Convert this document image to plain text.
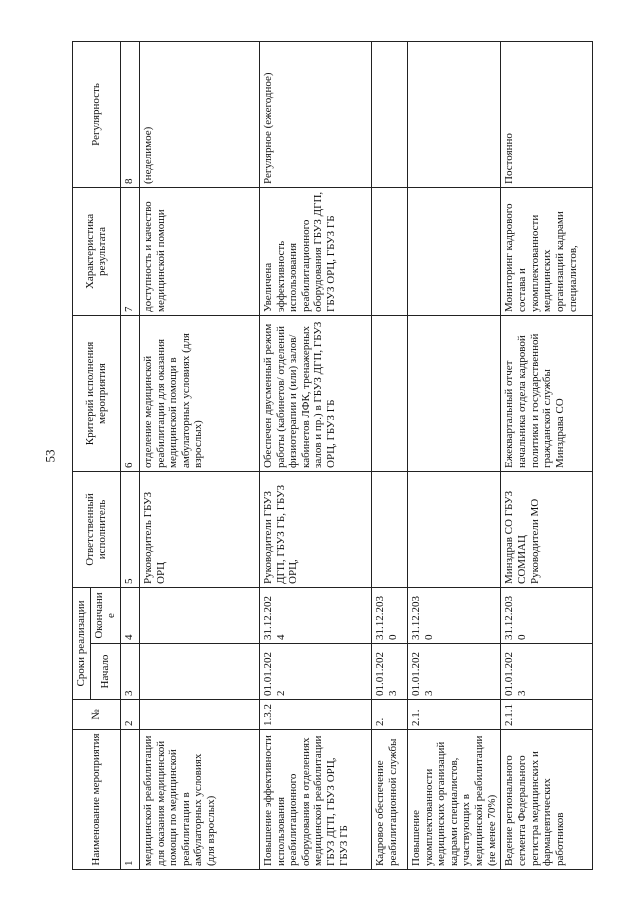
53
Наименование мероприятия	№	Сроки реализации		Ответственный исполнитель	Критерий исполнения мероприятия	Характеристика результата	Регулярность
		Начало	Окончание				
1	2	3	4	5	6	7	8
медицинской реабилитации для оказания медицинской помощи по медицинской реабилитации в амбулаторных условиях (для взрослых)				Руководитель ГБУЗ ОРЦ	отделение медицинской реабилитации для оказания медицинской помощи в амбулаторных условиях (для взрослых)	доступность и качество медицинской помощи	(неделимое)
Повышение эффективности использования реабилитационного оборудования в отделениях медицинской реабилитации ГБУЗ ДГП, ГБУЗ ОРЦ, ГБУЗ ГБ	1.3.2	01.01.2022	31.12.2024	Руководители ГБУЗ ДГП, ГБУЗ ГБ, ГБУЗ ОРЦ,	Обеспечен двусменный режим работы (кабинетов/ отделений физиотерапии и (или) залов/ кабинетов ЛФК, тренажерных залов и пр.) в ГБУЗ ДГП, ГБУЗ ОРЦ, ГБУЗ ГБ	Увеличена эффективность использования реабилитационного оборудования ГБУЗ ДГП, ГБУЗ ОРЦ, ГБУЗ ГБ	Регулярное (ежегодное)
Кадровое обеспечение реабилитационной службы	2.	01.01.2023	31.12.2030				
Повышение укомплектованности медицинских организаций кадрами специалистов, участвующих в медицинской реабилитации (не менее 70%)	2.1.	01.01.2023	31.12.2030				
Ведение регионального сегмента Федерального регистра медицинских и фармацевтических работников	2.1.1	01.01.2023	31.12.2030	Минздрав СО ГБУЗ СОМИАЦ Руководители МО	Ежеквартальный отчет начальника отдела кадровой политики и государственной гражданской службы Минздрава СО	Мониторинг кадрового состава и укомплектованности медицинских организаций кадрами специалистов,	Постоянно
